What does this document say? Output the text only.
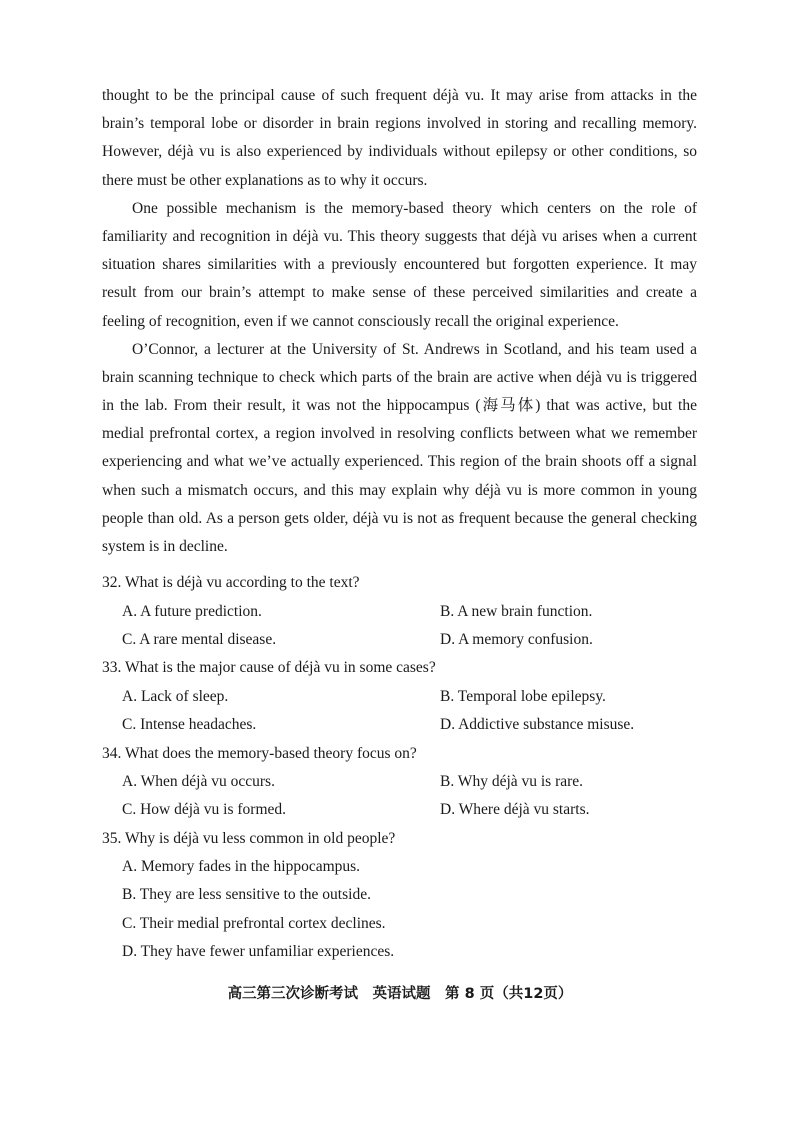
thought to be the principal cause of such frequent déjà vu. It may arise from attacks in the
brain’s temporal lobe or disorder in brain regions involved in storing and recalling memory.
However, déjà vu is also experienced by individuals without epilepsy or other conditions, so
there must be other explanations as to why it occurs.
One possible mechanism is the memory-based theory which centers on the role of
familiarity and recognition in déjà vu. This theory suggests that déjà vu arises when a current
situation shares similarities with a previously encountered but forgotten experience. It may
result from our brain’s attempt to make sense of these perceived similarities and create a
feeling of recognition, even if we cannot consciously recall the original experience.
O’Connor, a lecturer at the University of St. Andrews in Scotland, and his team used a
brain scanning technique to check which parts of the brain are active when déjà vu is triggered
in the lab. From their result, it was not the hippocampus (海马体) that was active, but the
medial prefrontal cortex, a region involved in resolving conflicts between what we remember
experiencing and what we’ve actually experienced. This region of the brain shoots off a signal
when such a mismatch occurs, and this may explain why déjà vu is more common in young
people than old. As a person gets older, déjà vu is not as frequent because the general checking
system is in decline.
32. What is déjà vu according to the text?
A. A future prediction.	B. A new brain function.
C. A rare mental disease.	D. A memory confusion.
33. What is the major cause of déjà vu in some cases?
A. Lack of sleep.	B. Temporal lobe epilepsy.
C. Intense headaches.	D. Addictive substance misuse.
34. What does the memory-based theory focus on?
A. When déjà vu occurs.	B. Why déjà vu is rare.
C. How déjà vu is formed.	D. Where déjà vu starts.
35. Why is déjà vu less common in old people?
A. Memory fades in the hippocampus.
B. They are less sensitive to the outside.
C. Their medial prefrontal cortex declines.
D. They have fewer unfamiliar experiences.
高三第三次诊断考试　英语试题　第 8 页（共12页）
